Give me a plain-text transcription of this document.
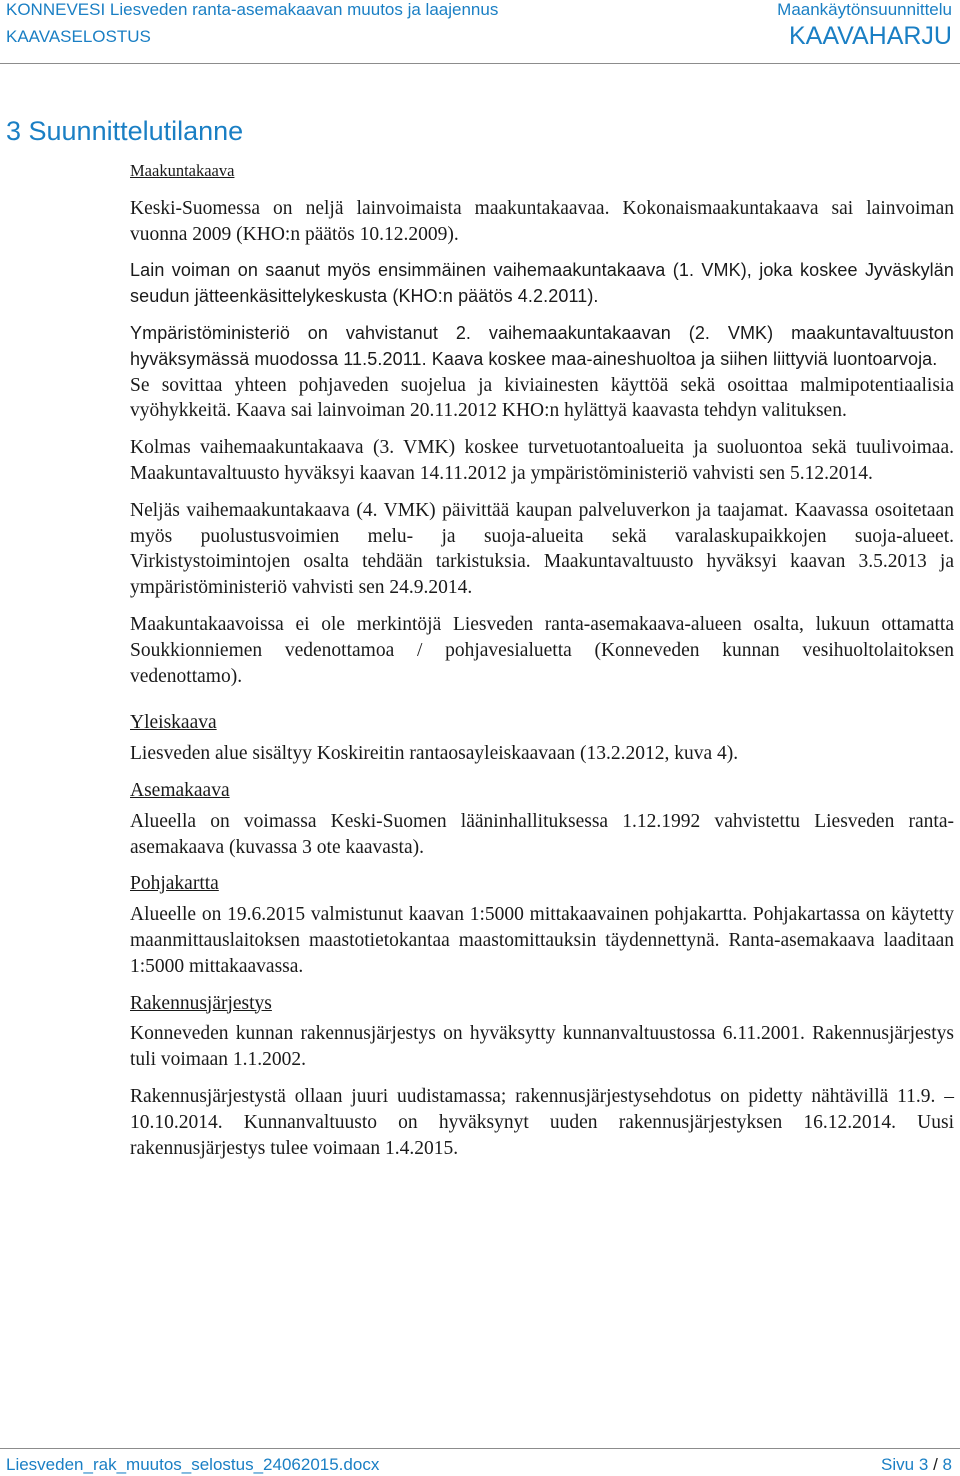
KONNEVESI Liesveden ranta-asemakaavan muutos ja laajennus
KAAVASELOSTUS
Maankäytönsuunnittelu
KAAVAHARJU
3 Suunnittelutilanne
Maakuntakaava

Keski-Suomessa on neljä lainvoimaista maakuntakaavaa. Kokonaismaakuntakaava sai lainvoiman vuonna 2009 (KHO:n päätös 10.12.2009).

Lain voiman on saanut myös ensimmäinen vaihemaakuntakaava (1. VMK), joka koskee Jyväskylän seudun jätteenkäsittelykeskusta (KHO:n päätös 4.2.2011).

Ympäristöministeriö on vahvistanut 2. vaihemaakuntakaavan (2. VMK) maakuntavaltuuston hyväksymässä muodossa 11.5.2011. Kaava koskee maa-aineshuoltoa ja siihen liittyviä luontoarvoja.
Se sovittaa yhteen pohjaveden suojelua ja kiviainesten käyttöä sekä osoittaa malmipotentiaalisia vyöhykkeitä. Kaava sai lainvoiman 20.11.2012 KHO:n hylättyä kaavasta tehdyn valituksen.

Kolmas vaihemaakuntakaava (3. VMK) koskee turvetuotantoalueita ja suoluontoa sekä tuulivoimaa. Maakuntavaltuusto hyväksyi kaavan 14.11.2012 ja ympäristöministeriö vahvisti sen 5.12.2014.

Neljäs vaihemaakuntakaava (4. VMK) päivittää kaupan palveluverkon ja taajamat. Kaavassa osoitetaan myös puolustusvoimien melu- ja suoja-alueita sekä varalaskupaikkojen suoja-alueet. Virkistystoimintojen osalta tehdään tarkistuksia. Maakuntavaltuusto hyväksyi kaavan 3.5.2013 ja ympäristöministeriö vahvisti sen 24.9.2014.

Maakuntakaavoissa ei ole merkintöjä Liesveden ranta-asemakaava-alueen osalta, lukuun ottamatta Soukkionniemen vedenottamoa / pohjavesialuetta (Konneveden kunnan vesihuoltolaitoksen vedenottamo).

Yleiskaava

Liesveden alue sisältyy Koskireitin rantaosayleiskaavaan (13.2.2012, kuva 4).

Asemakaava

Alueella on voimassa Keski-Suomen lääninhallituksessa 1.12.1992 vahvistettu Liesveden ranta-asemakaava (kuvassa 3 ote kaavasta).

Pohjakartta

Alueelle on 19.6.2015 valmistunut kaavan 1:5000 mittakaavainen pohjakartta. Pohjakartassa on käytetty maanmittauslaitoksen maastotietokantaa maastomittauksin täydennettynä. Ranta-asemakaava laaditaan 1:5000 mittakaavassa.

Rakennusjärjestys

Konneveden kunnan rakennusjärjestys on hyväksytty kunnanvaltuustossa 6.11.2001. Rakennusjärjestys tuli voimaan 1.1.2002.

Rakennusjärjestystä ollaan juuri uudistamassa; rakennusjärjestysehdotus on pidetty nähtävillä 11.9. – 10.10.2014. Kunnanvaltuusto on hyväksynyt uuden rakennusjärjestyksen 16.12.2014. Uusi rakennusjärjestys tulee voimaan 1.4.2015.

Liesveden_rak_muutos_selostus_24062015.docx	Sivu 3 / 8
